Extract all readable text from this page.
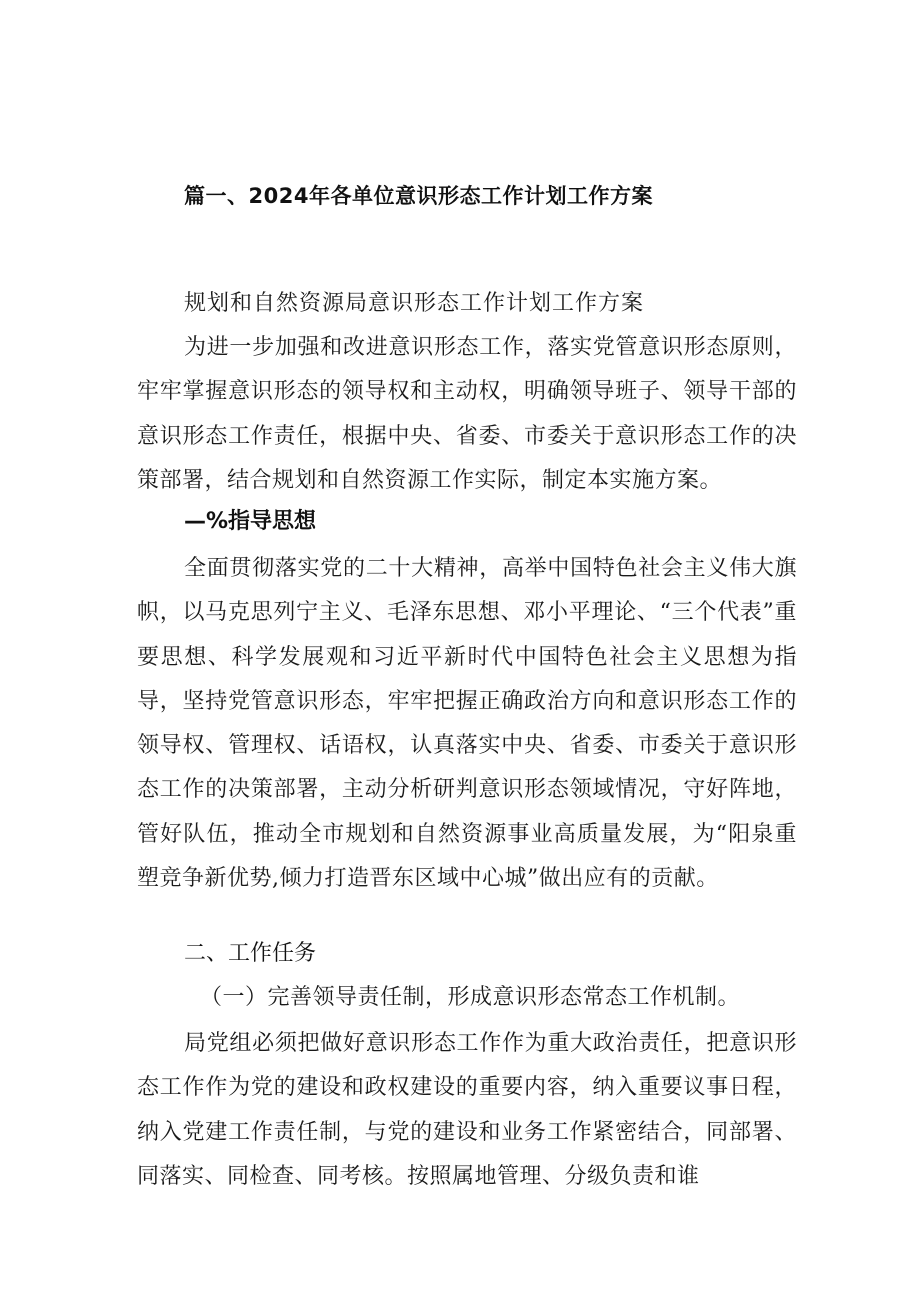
篇一、2024年各单位意识形态工作计划工作方案
规划和自然资源局意识形态工作计划工作方案

为进一步加强和改进意识形态工作，落实党管意识形态原则，牢牢掌握意识形态的领导权和主动权，明确领导班子、领导干部的意识形态工作责任，根据中央、省委、市委关于意识形态工作的决策部署，结合规划和自然资源工作实际，制定本实施方案。

—%指导思想

全面贯彻落实党的二十大精神，高举中国特色社会主义伟大旗帜，以马克思列宁主义、毛泽东思想、邓小平理论、“三个代表”重要思想、科学发展观和习近平新时代中国特色社会主义思想为指导，坚持党管意识形态，牢牢把握正确政治方向和意识形态工作的领导权、管理权、话语权，认真落实中央、省委、市委关于意识形态工作的决策部署，主动分析研判意识形态领域情况，守好阵地，管好队伍，推动全市规划和自然资源事业高质量发展，为“阳泉重塑竞争新优势,倾力打造晋东区域中心城”做出应有的贡献。

二、工作任务
（一）完善领导责任制，形成意识形态常态工作机制。

局党组必须把做好意识形态工作作为重大政治责任，把意识形态工作作为党的建设和政权建设的重要内容，纳入重要议事日程，纳入党建工作责任制，与党的建设和业务工作紧密结合，同部署、同落实、同检查、同考核。按照属地管理、分级负责和谁
